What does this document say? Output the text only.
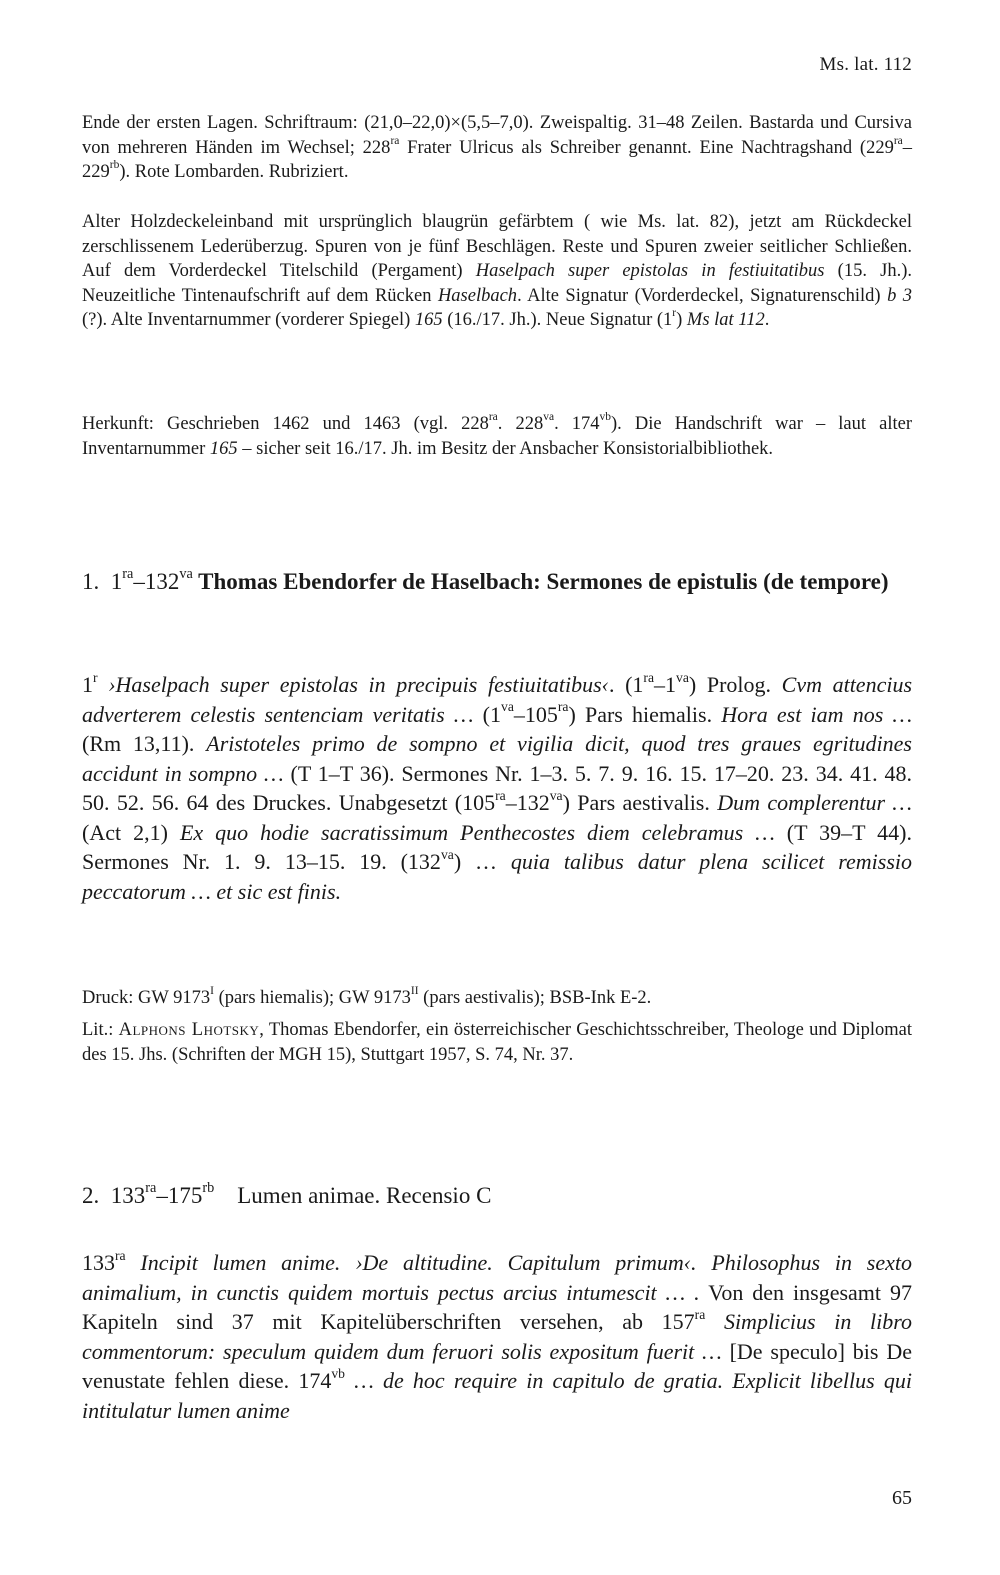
Ms. lat. 112

Ende der ersten Lagen. Schriftraum: (21,0–22,0)×(5,5–7,0). Zweispaltig. 31–48 Zeilen. Bastarda und Cursiva von mehreren Händen im Wechsel; $228^{ra}$ Frater Ulricus als Schreiber genannt. Eine Nachtragshand $(229^{ra}-229^{rb})$. Rote Lombarden. Rubriziert.

Alter Holzdeckeleinband mit ursprünglich blaugrün gefärbtem ( wie Ms. lat. 82), jetzt am Rückdeckel zerschlissenem Lederüberzug. Spuren von je fünf Beschlägen. Reste und Spuren zweier seitlicher Schließen. Auf dem Vorderdeckel Titelschild (Pergament) Haselpach super epistolas in festiuitatibus (15. Jh.). Neuzeitliche Tintenaufschrift auf dem Rücken Haselbach. Alte Signatur (Vorderdeckel, Signaturenschild) b 3 (?). Alte Inventarnummer (vorderer Spiegel) 165 (16./17. Jh.). Neue Signatur (1$^r$) Ms lat 112.

Herkunft: Geschrieben 1462 und 1463 (vgl. $228^{ra}$. $228^{va}$. $174^{vb}$). Die Handschrift war – laut alter Inventarnummer 165 – sicher seit 16./17. Jh. im Besitz der Ansbacher Konsistorialbibliothek.

1.  $1^{ra}-132^{va}$ Thomas Ebendorfer de Haselbach: Sermones de epistulis (de tempore)

1$^r$ ›Haselpach super epistolas in precipuis festiuitatibus‹. $(1^{ra}-1^{va})$ Prolog. Cvm attencius adverterem celestis sentenciam veritatis … $(1^{va}-105^{ra})$ Pars hiemalis. Hora est iam nos … (Rm 13,11). Aristoteles primo de sompno et vigilia dicit, quod tres graues egritudines accidunt in sompno … (T 1–T 36). Sermones Nr. 1–3. 5. 7. 9. 16. 15. 17–20. 23. 34. 41. 48. 50. 52. 56. 64 des Druckes. Unabgesetzt $(105^{ra}-132^{va})$ Pars aestivalis. Dum complerentur … (Act 2,1) Ex quo hodie sacratissimum Penthecostes diem celebramus … (T 39–T 44). Sermones Nr. 1. 9. 13–15. 19. $(132^{va})$ … quia talibus datur plena scilicet remissio peccatorum … et sic est finis.

Druck: GW $9173^I$ (pars hiemalis); GW $9173^{II}$ (pars aestivalis); BSB-Ink E-2.

Lit.: Alphons Lhotsky, Thomas Ebendorfer, ein österreichischer Geschichtsschreiber, Theologe und Diplomat des 15. Jhs. (Schriften der MGH 15), Stuttgart 1957, S. 74, Nr. 37.

2.  $133^{ra}-175^{rb}$    Lumen animae. Recensio C

$133^{ra}$ Incipit lumen anime. ›De altitudine. Capitulum primum‹. Philosophus in sexto animalium, in cunctis quidem mortuis pectus arcius intumescit … . Von den insgesamt 97 Kapiteln sind 37 mit Kapitelüberschriften versehen, ab $157^{ra}$ Simplicius in libro commentorum: speculum quidem dum feruori solis expositum fuerit … [De speculo] bis De venustate fehlen diese. $174^{vb}$ … de hoc require in capitulo de gratia. Explicit libellus qui intitulatur lumen anime

65
